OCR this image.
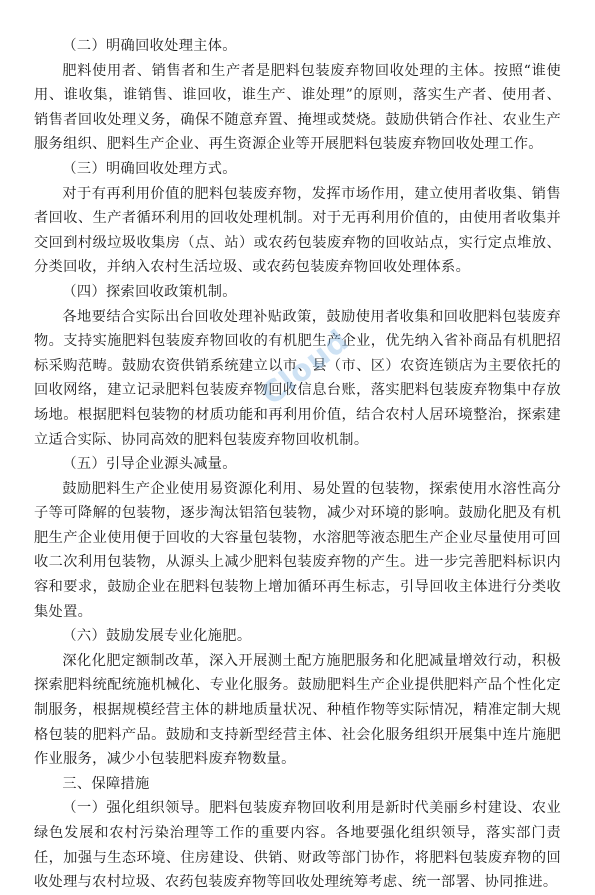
（二）明确回收处理主体。

肥料使用者、销售者和生产者是肥料包装废弃物回收处理的主体。按照“谁使用、谁收集，谁销售、谁回收，谁生产、谁处理”的原则，落实生产者、使用者、销售者回收处理义务，确保不随意弃置、掩埋或焚烧。鼓励供销合作社、农业生产服务组织、肥料生产企业、再生资源企业等开展肥料包装废弃物回收处理工作。

（三）明确回收处理方式。

对于有再利用价值的肥料包装废弃物，发挥市场作用，建立使用者收集、销售者回收、生产者循环利用的回收处理机制。对于无再利用价值的，由使用者收集并交回到村级垃圾收集房（点、站）或农药包装废弃物的回收站点，实行定点堆放、分类回收，并纳入农村生活垃圾、或农药包装废弃物回收处理体系。

（四）探索回收政策机制。

各地要结合实际出台回收处理补贴政策，鼓励使用者收集和回收肥料包装废弃物。支持实施肥料包装废弃物回收的有机肥生产企业，优先纳入省补商品有机肥招标采购范畴。鼓励农资供销系统建立以市、县（市、区）农资连锁店为主要依托的回收网络，建立记录肥料包装废弃物回收信息台账，落实肥料包装废弃物集中存放场地。根据肥料包装物的材质功能和再利用价值，结合农村人居环境整治，探索建立适合实际、协同高效的肥料包装废弃物回收机制。

（五）引导企业源头减量。

鼓励肥料生产企业使用易资源化利用、易处置的包装物，探索使用水溶性高分子等可降解的包装物，逐步淘汰铝箔包装物，减少对环境的影响。鼓励化肥及有机肥生产企业使用便于回收的大容量包装物，水溶肥等液态肥生产企业尽量使用可回收二次利用包装物，从源头上减少肥料包装废弃物的产生。进一步完善肥料标识内容和要求，鼓励企业在肥料包装物上增加循环再生标志，引导回收主体进行分类收集处置。

（六）鼓励发展专业化施肥。

深化化肥定额制改革，深入开展测土配方施肥服务和化肥减量增效行动，积极探索肥料统配统施机械化、专业化服务。鼓励肥料生产企业提供肥料产品个性化定制服务，根据规模经营主体的耕地质量状况、种植作物等实际情况，精准定制大规格包装的肥料产品。鼓励和支持新型经营主体、社会化服务组织开展集中连片施肥作业服务，减少小包装肥料废弃物数量。

三、保障措施

（一）强化组织领导。肥料包装废弃物回收利用是新时代美丽乡村建设、农业绿色发展和农村污染治理等工作的重要内容。各地要强化组织领导，落实部门责任，加强与生态环境、住房建设、供销、财政等部门协作，将肥料包装废弃物的回收处理与农村垃圾、农药包装废弃物等回收处理统筹考虑、统一部署、协同推进。

Cloud
